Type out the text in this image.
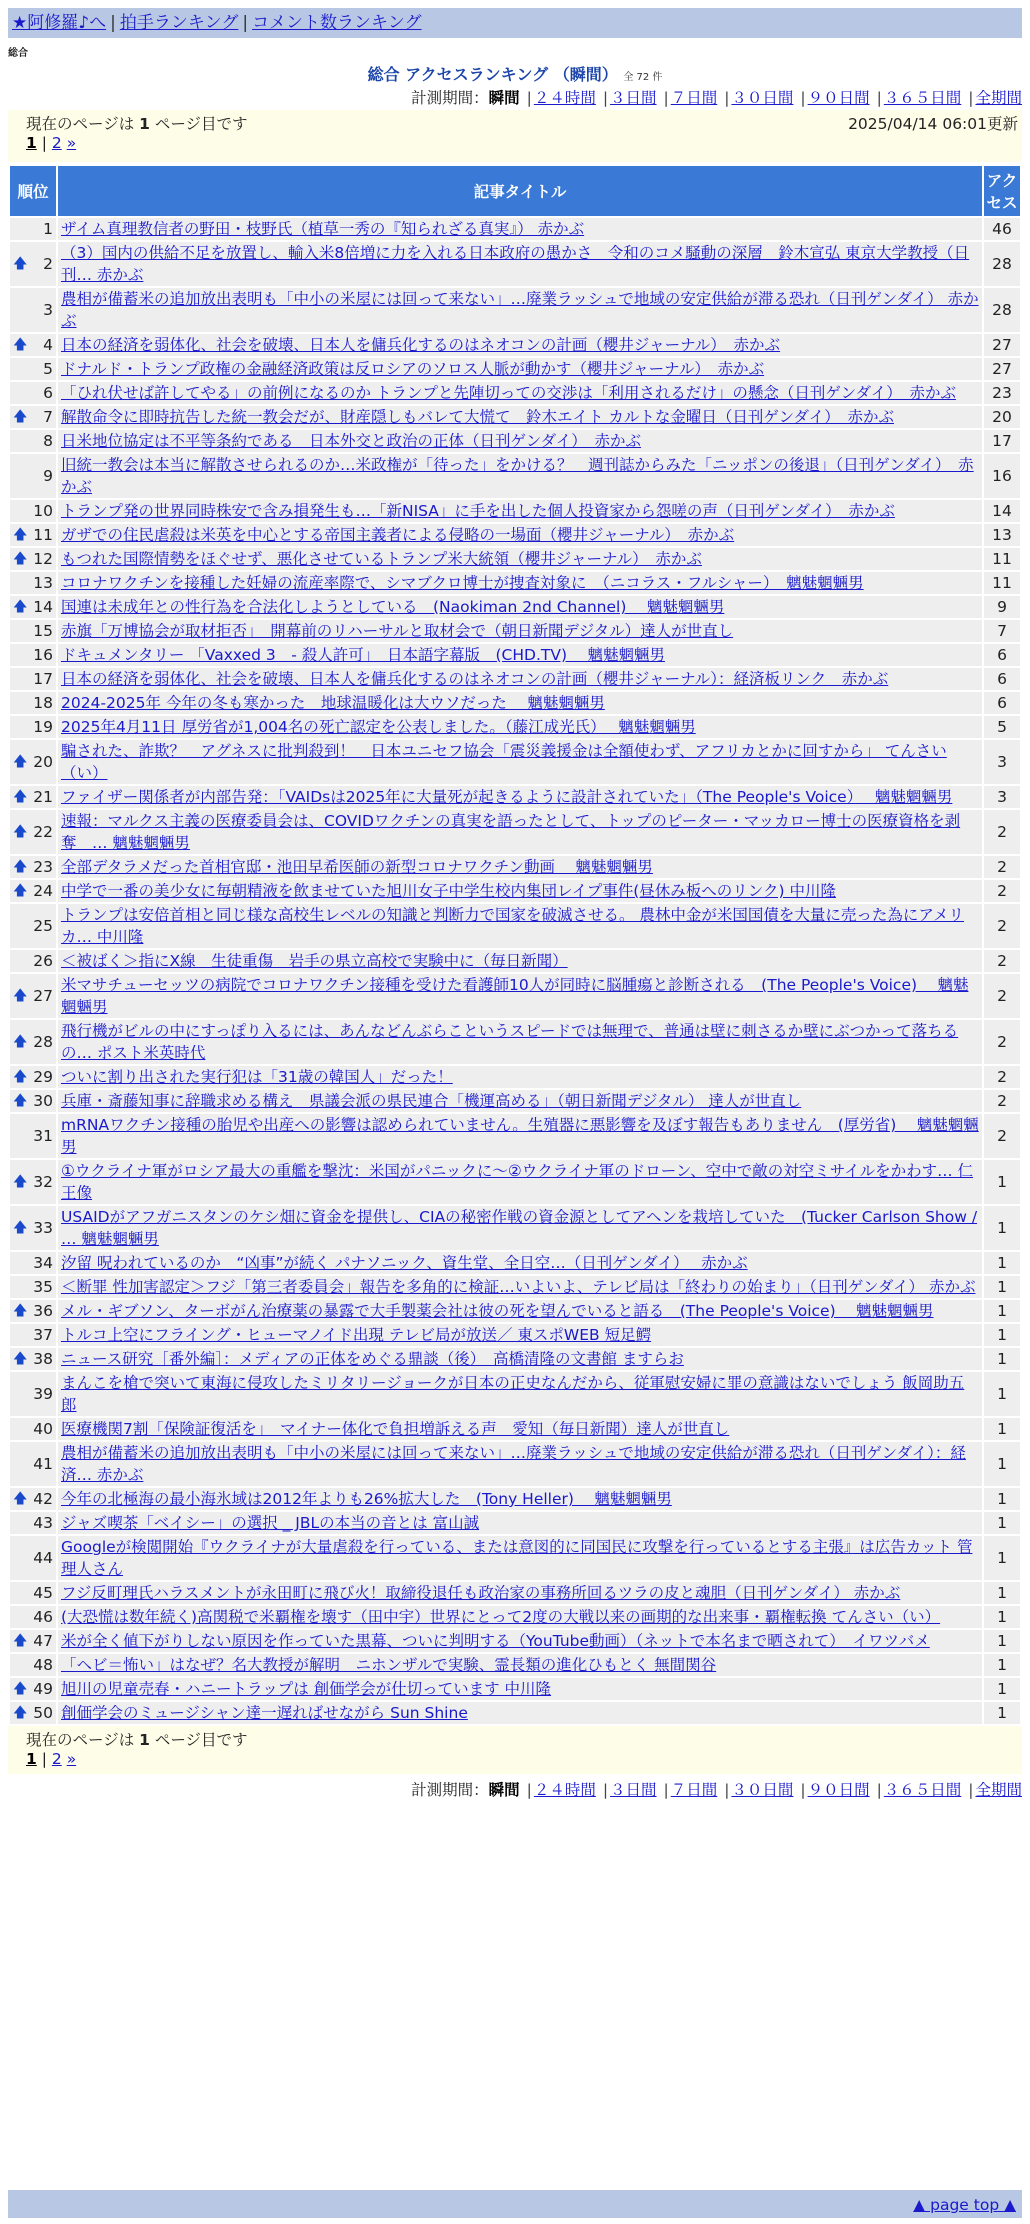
★阿修羅♪へ | 拍手ランキング | コメント数ランキング
総合
総合 アクセスランキング （瞬間） 全 72 件
計測期間：瞬間 | ２４時間 | ３日間 | ７日間 | ３０日間 | ９０日間 | ３６５日間 | 全期間
現在のページは 1 ページ目です	2025/04/14 06:01更新
1 | 2 »
順位	記事タイトル	アクセス
1	ザイム真理教信者の野田・枝野氏（植草一秀の『知られざる真実』） 赤かぶ	46

🡅 2	（3）国内の供給不足を放置し、輸入米8倍増に力を入れる日本政府の愚かさ　令和のコメ騒動の深層　鈴木宣弘 東京大学教授（日刊… 赤かぶ	28
3	農相が備蓄米の追加放出表明も「中小の米屋には回って来ない」…廃業ラッシュで地域の安定供給が滞る恐れ（日刊ゲンダイ） 赤かぶ	28

🡅 4	日本の経済を弱体化、社会を破壊、日本人を傭兵化するのはネオコンの計画（櫻井ジャーナル）　赤かぶ	27
5	ドナルド・トランプ政権の金融経済政策は反ロシアのソロス人脈が動かす（櫻井ジャーナル）　赤かぶ	27
6	「ひれ伏せば許してやる」の前例になるのか トランプと先陣切っての交渉は「利用されるだけ」の懸念（日刊ゲンダイ）　赤かぶ	23

🡅 7	解散命令に即時抗告した統一教会だが、財産隠しもバレて大慌て　鈴木エイト カルトな金曜日（日刊ゲンダイ）　赤かぶ	20
8	日米地位協定は不平等条約である　日本外交と政治の正体（日刊ゲンダイ）　赤かぶ	17
9	旧統一教会は本当に解散させられるのか…米政権が「待った」をかける？　週刊誌からみた「ニッポンの後退」（日刊ゲンダイ）　赤かぶ	16
10	トランプ発の世界同時株安で含み損発生も…「新NISA」に手を出した個人投資家から怨嗟の声（日刊ゲンダイ）　赤かぶ	14

🡅 11	ガザでの住民虐殺は米英を中心とする帝国主義者による侵略の一場面（櫻井ジャーナル）　赤かぶ	13

🡅 12	もつれた国際情勢をほぐせず、悪化させているトランプ米大統領（櫻井ジャーナル）　赤かぶ	11
13	コロナワクチンを接種した妊婦の流産率際で、シマブクロ博士が捜査対象に　（ニコラス・フルシャー）　魑魅魍魎男	11

🡅 14	国連は未成年との性行為を合法化しようとしている　(Naokiman 2nd Channel)　 魑魅魍魎男	9
15	赤旗「万博協会が取材拒否」　開幕前のリハーサルと取材会で（朝日新聞デジタル）達人が世直し	7
16	ドキュメンタリー 「Vaxxed 3　- 殺人許可」　日本語字幕版　(CHD.TV)　 魑魅魍魎男	6
17	日本の経済を弱体化、社会を破壊、日本人を傭兵化するのはネオコンの計画（櫻井ジャーナル）：経済板リンク　赤かぶ	6
18	2024-2025年 今年の冬も寒かった　地球温暖化は大ウソだった　 魑魅魍魎男	6
19	2025年4月11日 厚労省が1,004名の死亡認定を公表しました。（藤江成光氏）　 魑魅魍魎男	5

🡅 20	騙された、詐欺？　アグネスに批判殺到！　日本ユニセフ協会「震災義援金は全額使わず、アフリカとかに回すから」 てんさい（い）	3

🡅 21	ファイザー関係者が内部告発：「VAIDsは2025年に大量死が起きるように設計されていた」（The People's Voice）　 魑魅魍魎男	3

🡅 22	速報：マルクス主義の医療委員会は、COVIDワクチンの真実を語ったとして、トップのピーター・マッカロー博士の医療資格を剥奪　… 魑魅魍魎男	2

🡅 23	全部デタラメだった首相官邸・池田早希医師の新型コロナワクチン動画　 魑魅魍魎男	2

🡅 24	中学で一番の美少女に毎朝精液を飲ませていた旭川女子中学生校内集団レイプ事件(昼休み板へのリンク) 中川隆	2
25	トランプは安倍首相と同じ様な高校生レベルの知識と判断力で国家を破滅させる。 農林中金が米国国債を大量に売った為にアメリカ… 中川隆	2
26	＜被ばく＞指にX線　生徒重傷　岩手の県立高校で実験中に（毎日新聞）	2

🡅 27	米マサチューセッツの病院でコロナワクチン接種を受けた看護師10人が同時に脳腫瘍と診断される　(The People's Voice)　 魑魅魍魎男	2

🡅 28	飛行機がビルの中にすっぽり入るには、あんなどんぶらこというスピードでは無理で、普通は壁に刺さるか壁にぶつかって落ちるの… ポスト米英時代	2

🡅 29	ついに割り出された実行犯は「31歳の韓国人」だった！	2

🡅 30	兵庫・斎藤知事に辞職求める構え　県議会派の県民連合「機運高める」（朝日新聞デジタル） 達人が世直し	2
31	mRNAワクチン接種の胎児や出産への影響は認められていません。生殖器に悪影響を及ぼす報告もありません　(厚労省)　 魑魅魍魎男	2

🡅 32	①ウクライナ軍がロシア最大の重艦を撃沈：米国がパニックに～②ウクライナ軍のドローン、空中で敵の対空ミサイルをかわす… 仁王像	1

🡅 33	USAIDがアフガニスタンのケシ畑に資金を提供し、CIAの秘密作戦の資金源としてアヘンを栽培していた　(Tucker Carlson Show / … 魑魅魍魎男	1
34	汐留 呪われているのか　“凶事”が続く パナソニック、資生堂、全日空…（日刊ゲンダイ）　 赤かぶ	1
35	＜断罪 性加害認定＞フジ「第三者委員会」報告を多角的に検証…いよいよ、テレビ局は「終わりの始まり」（日刊ゲンダイ） 赤かぶ	1

🡅 36	メル・ギブソン、ターボがん治療薬の暴露で大手製薬会社は彼の死を望んでいると語る　(The People's Voice)　 魑魅魍魎男	1
37	トルコ上空にフライング・ヒューマノイド出現 テレビ局が放送／ 東スポWEB 短足鰐	1

🡅 38	ニュース研究［番外編］：メディアの正体をめぐる鼎談（後）　高橋清隆の文書館 ますらお	1
39	まんこを槍で突いて東海に侵攻したミリタリージョークが日本の正史なんだから、従軍慰安婦に罪の意識はないでしょう 飯岡助五郎	1
40	医療機関7割「保険証復活を」　マイナー体化で負担増訴える声　愛知（毎日新聞）達人が世直し	1
41	農相が備蓄米の追加放出表明も「中小の米屋には回って来ない」…廃業ラッシュで地域の安定供給が滞る恐れ（日刊ゲンダイ）：経済… 赤かぶ	1

🡅 42	今年の北極海の最小海氷域は2012年よりも26%拡大した　(Tony Heller)　 魑魅魍魎男	1
43	ジャズ喫茶「ベイシー」の選択 _ JBLの本当の音とは 富山誠	1
44	Googleが検閲開始『ウクライナが大量虐殺を行っている、または意図的に同国民に攻撃を行っているとする主張』は広告カット 管理人さん	1
45	フジ反町理氏ハラスメントが永田町に飛び火！取締役退任も政治家の事務所回るツラの皮と魂胆（日刊ゲンダイ） 赤かぶ	1
46	(大恐慌は数年続く)高関税で米覇権を壊す（田中宇）世界にとって2度の大戦以来の画期的な出来事・覇権転換 てんさい（い）	1

🡅 47	米が全く値下がりしない原因を作っていた黒幕、ついに判明する（YouTube動画）（ネットで本名まで晒されて）　イワツバメ	1
48	「ヘビ＝怖い」はなぜ？名大教授が解明　ニホンザルで実験、霊長類の進化ひもとく 無間関谷	1

🡅 49	旭川の児童売春・ハニートラップは 創価学会が仕切っています 中川隆	1

🡅 50	創価学会のミュージシャン達一遅ればせながら Sun Shine	1
現在のページは 1 ページ目です
1 | 2 »
計測期間：瞬間 | ２４時間 | ３日間 | ７日間 | ３０日間 | ９０日間 | ３６５日間 | 全期間
▲ page top ▲
